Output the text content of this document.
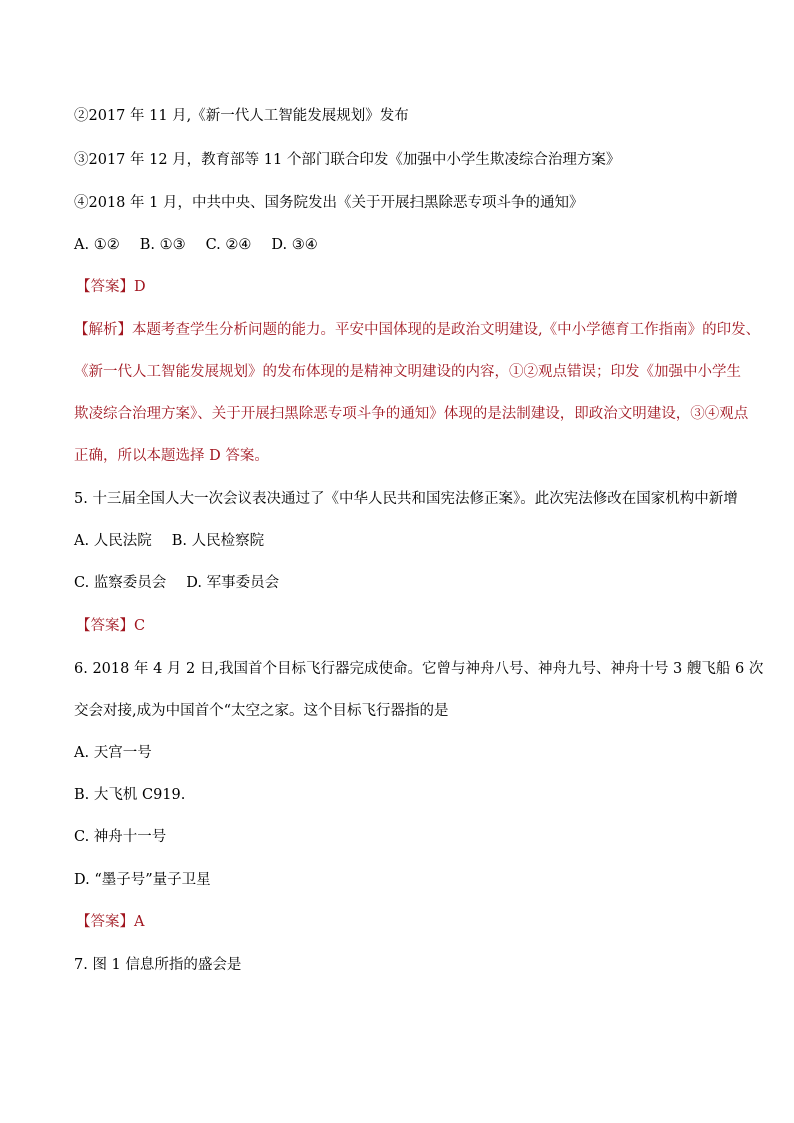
②2017 年 11 月,《新一代人工智能发展规划》发布
③2017 年 12 月，教育部等 11 个部门联合印发《加强中小学生欺凌综合治理方案》
④2018 年 1 月，中共中央、国务院发出《关于开展扫黑除恶专项斗争的通知》
A. ①② B. ①③ C. ②④ D. ③④
【答案】D
【解析】本题考查学生分析问题的能力。平安中国体现的是政治文明建设,《中小学德育工作指南》的印发、
《新一代人工智能发展规划》的发布体现的是精神文明建设的内容，①②观点错误；印发《加强中小学生
欺凌综合治理方案》、关于开展扫黑除恶专项斗争的通知》体现的是法制建设，即政治文明建设，③④观点
正确，所以本题选择 D 答案。
5. 十三届全国人大一次会议表决通过了《中华人民共和国宪法修正案》。此次宪法修改在国家机构中新增
A. 人民法院 B. 人民检察院
C. 监察委员会 D. 军事委员会
【答案】C
6. 2018 年 4 月 2 日,我国首个目标飞行器完成使命。它曾与神舟八号、神舟九号、神舟十号 3 艘飞船 6 次
交会对接,成为中国首个“太空之家。这个目标飞行器指的是
A. 天宫一号
B. 大飞机 C919.
C. 神舟十一号
D. “墨子号”量子卫星
【答案】A
7. 图 1 信息所指的盛会是
